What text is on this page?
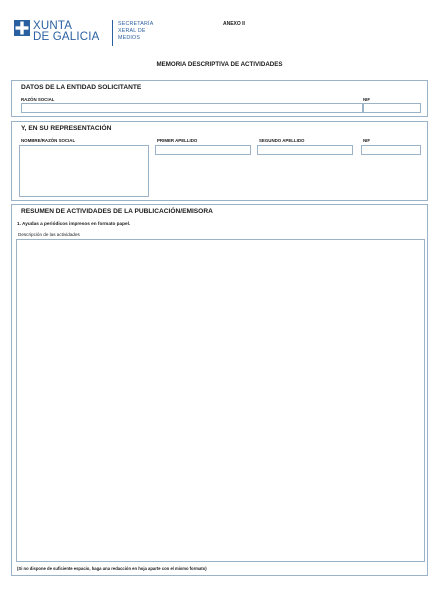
XUNTA
DE GALICIA
SECRETARÍA
XERAL DE
MEDIOS
ANEXO II
MEMORIA DESCRIPTIVA DE ACTIVIDADES
DATOS DE LA ENTIDAD SOLICITANTE
RAZÓN SOCIAL	NIF
Y, EN SU REPRESENTACIÓN
NOMBRE/RAZÓN SOCIAL	PRIMER APELLIDO	SEGUNDO APELLIDO	NIF
RESUMEN DE ACTIVIDADES DE LA PUBLICACIÓN/EMISORA
1. Ayudas a periódicos impresos en formato papel.
Descripción de las actividades
(Si no dispone de suficiente espacio, haga una redacción en hoja aparte con el mismo formato)
